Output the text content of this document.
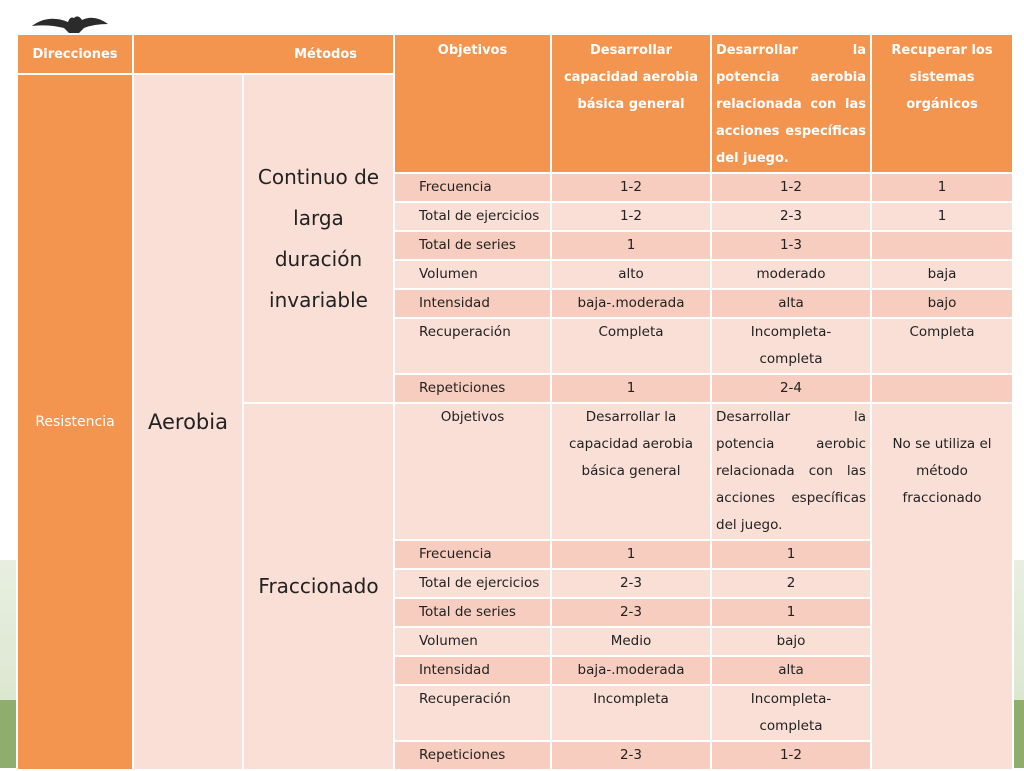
Direcciones	Métodos		Objetivos	Desarrollar capacidad aerobia básica general	Desarrollar la potencia aerobia relacionada con las acciones específicas del juego.	Recuperar los sistemas orgánicos
Resistencia	Aerobia	Continuo de larga duración invariable				
			Frecuencia	1-2	1-2	1
			Total de ejercicios	1-2	2-3	1
			Total de series	1	1-3	
			Volumen	alto	moderado	baja
			Intensidad	baja-.moderada	alta	bajo
			Recuperación	Completa	Incompleta-completa	Completa
			Repeticiones	1	2-4	
		Fraccionado	Objetivos	Desarrollar la capacidad aerobia básica general	Desarrollar la potencia aerobic relacionada con las acciones específicas del juego.	No se utiliza el método fraccionado
			Frecuencia	1	1	
			Total de ejercicios	2-3	2	
			Total de series	2-3	1	
			Volumen	Medio	bajo	
			Intensidad	baja-.moderada	alta	
			Recuperación	Incompleta	Incompleta-completa	
			Repeticiones	2-3	1-2	
